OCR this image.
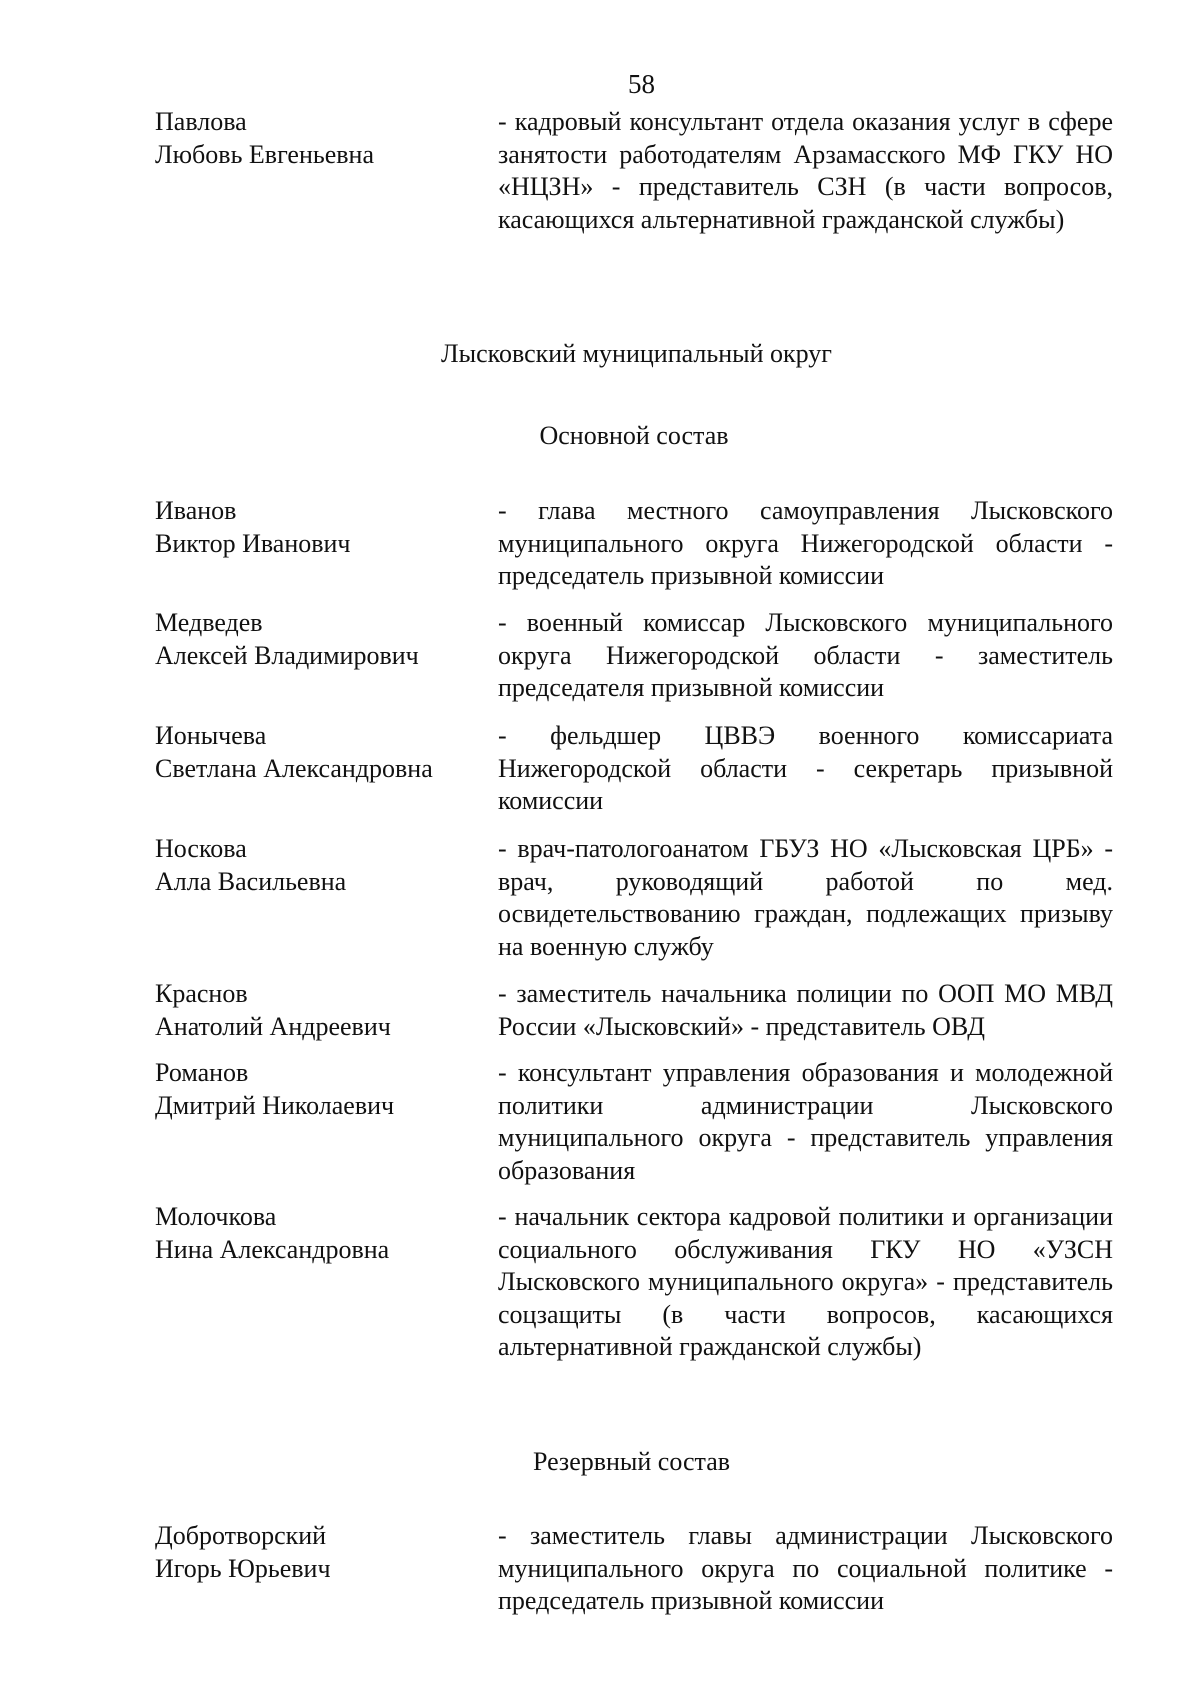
58
Павлова
Любовь Евгеньевна
- кадровый консультант отдела оказания услуг в сфере занятости работодателям Арзамасского МФ ГКУ НО «НЦЗН» - представитель СЗН (в части вопросов, касающихся альтернативной гражданской службы)
Лысковский муниципальный округ
Основной состав
Иванов
Виктор Иванович
- глава местного самоуправления Лысковского муниципального округа Нижегородской области - председатель призывной комиссии
Медведев
Алексей Владимирович
- военный комиссар Лысковского муниципального округа Нижегородской области - заместитель председателя призывной комиссии
Ионычева
Светлана Александровна
- фельдшер ЦВВЭ военного комиссариата Нижегородской области - секретарь призывной комиссии
Носкова
Алла Васильевна
- врач-патологоанатом ГБУЗ НО «Лысковская ЦРБ» - врач, руководящий работой по мед. освидетельствованию граждан, подлежащих призыву на военную службу
Краснов
Анатолий Андреевич
- заместитель начальника полиции по ООП МО МВД России «Лысковский» - представитель ОВД
Романов
Дмитрий Николаевич
- консультант управления образования и молодежной политики администрации Лысковского муниципального округа - представитель управления образования
Молочкова
Нина Александровна
- начальник сектора кадровой политики и организации социального обслуживания ГКУ НО «УЗСН Лысковского муниципального округа» - представитель соцзащиты (в части вопросов, касающихся альтернативной гражданской службы)
Резервный состав
Добротворский
Игорь Юрьевич
- заместитель главы администрации Лысковского муниципального округа по социальной политике - председатель призывной комиссии
